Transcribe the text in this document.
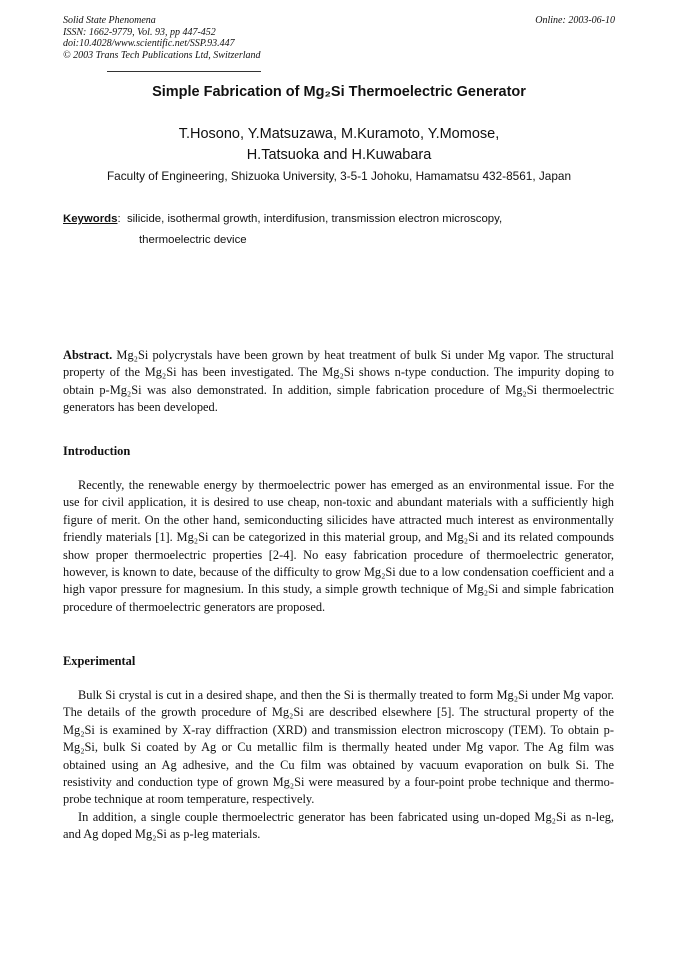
Solid State Phenomena
ISSN: 1662-9779, Vol. 93, pp 447-452
doi:10.4028/www.scientific.net/SSP.93.447
© 2003 Trans Tech Publications Ltd, Switzerland
Online: 2003-06-10
Simple Fabrication of Mg₂Si Thermoelectric Generator
T.Hosono, Y.Matsuzawa, M.Kuramoto, Y.Momose,
H.Tatsuoka and H.Kuwabara
Faculty of Engineering, Shizuoka University, 3-5-1 Johoku, Hamamatsu 432-8561, Japan
Keywords:  silicide, isothermal growth, interdifusion, transmission electron microscopy,
thermoelectric device

Abstract. Mg₂Si polycrystals have been grown by heat treatment of bulk Si under Mg vapor. The structural property of the Mg₂Si has been investigated. The Mg₂Si shows n-type conduction. The impurity doping to obtain p-Mg₂Si was also demonstrated. In addition, simple fabrication procedure of Mg₂Si thermoelectric generators has been developed.

Introduction

Recently, the renewable energy by thermoelectric power has emerged as an environmental issue. For the use for civil application, it is desired to use cheap, non-toxic and abundant materials with a sufficiently high figure of merit. On the other hand, semiconducting silicides have attracted much interest as environmentally friendly materials [1]. Mg₂Si can be categorized in this material group, and Mg₂Si and its related compounds show proper thermoelectric properties [2-4]. No easy fabrication procedure of thermoelectric generator, however, is known to date, because of the difficulty to grow Mg₂Si due to a low condensation coefficient and a high vapor pressure for magnesium. In this study, a simple growth technique of Mg₂Si and simple fabrication procedure of thermoelectric generators are proposed.

Experimental

Bulk Si crystal is cut in a desired shape, and then the Si is thermally treated to form Mg₂Si under Mg vapor. The details of the growth procedure of Mg₂Si are described elsewhere [5]. The structural property of the Mg₂Si is examined by X-ray diffraction (XRD) and transmission electron microscopy (TEM). To obtain p-Mg₂Si, bulk Si coated by Ag or Cu metallic film is thermally heated under Mg vapor. The Ag film was obtained using an Ag adhesive, and the Cu film was obtained by vacuum evaporation on bulk Si. The resistivity and conduction type of grown Mg₂Si were measured by a four-point probe technique and thermo-probe technique at room temperature, respectively.

In addition, a single couple thermoelectric generator has been fabricated using un-doped Mg₂Si as n-leg, and Ag doped Mg₂Si as p-leg materials.
